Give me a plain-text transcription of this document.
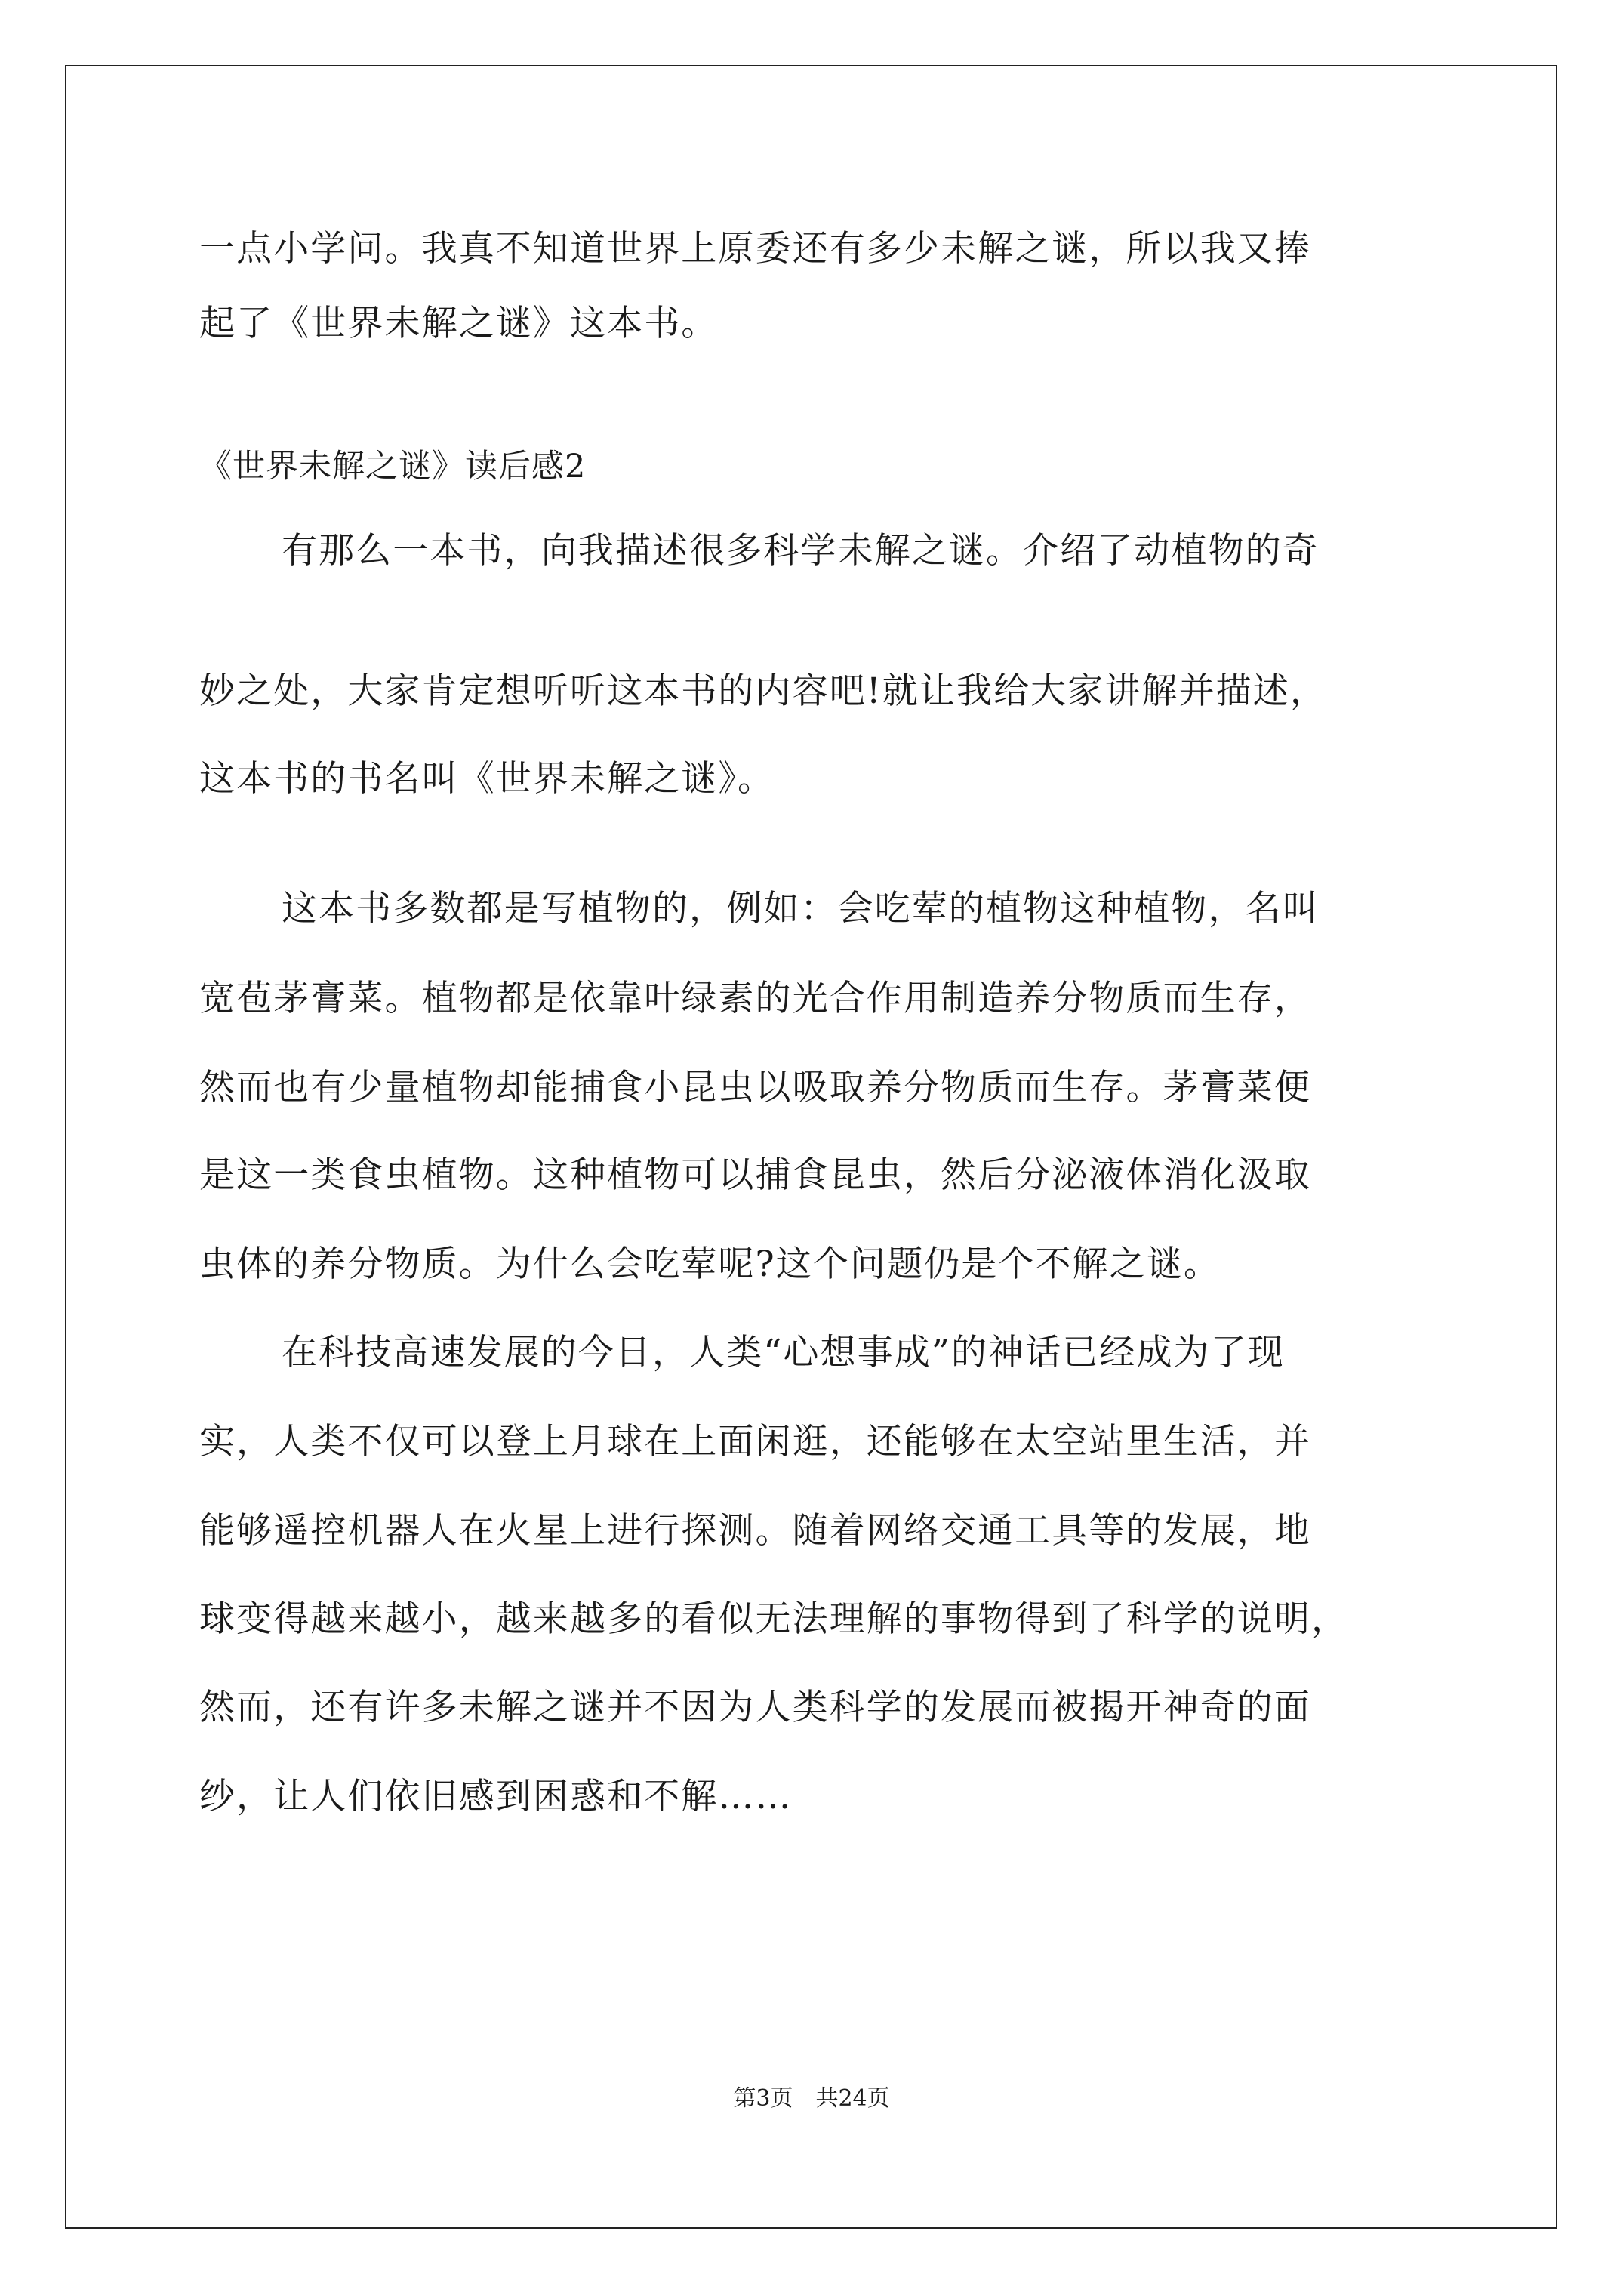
一点小学问。我真不知道世界上原委还有多少未解之谜，所以我又捧
起了《世界未解之谜》这本书。
《世界未解之谜》读后感2
有那么一本书，向我描述很多科学未解之谜。介绍了动植物的奇
妙之处，大家肯定想听听这本书的内容吧!就让我给大家讲解并描述，
这本书的书名叫《世界未解之谜》。
这本书多数都是写植物的，例如：会吃荤的植物这种植物，名叫
宽苞茅膏菜。植物都是依靠叶绿素的光合作用制造养分物质而生存，
然而也有少量植物却能捕食小昆虫以吸取养分物质而生存。茅膏菜便
是这一类食虫植物。这种植物可以捕食昆虫，然后分泌液体消化汲取
虫体的养分物质。为什么会吃荤呢?这个问题仍是个不解之谜。
在科技高速发展的今日，人类“心想事成”的神话已经成为了现
实，人类不仅可以登上月球在上面闲逛，还能够在太空站里生活，并
能够遥控机器人在火星上进行探测。随着网络交通工具等的发展，地
球变得越来越小，越来越多的看似无法理解的事物得到了科学的说明，
然而，还有许多未解之谜并不因为人类科学的发展而被揭开神奇的面
纱，让人们依旧感到困惑和不解……
第3页　共24页
